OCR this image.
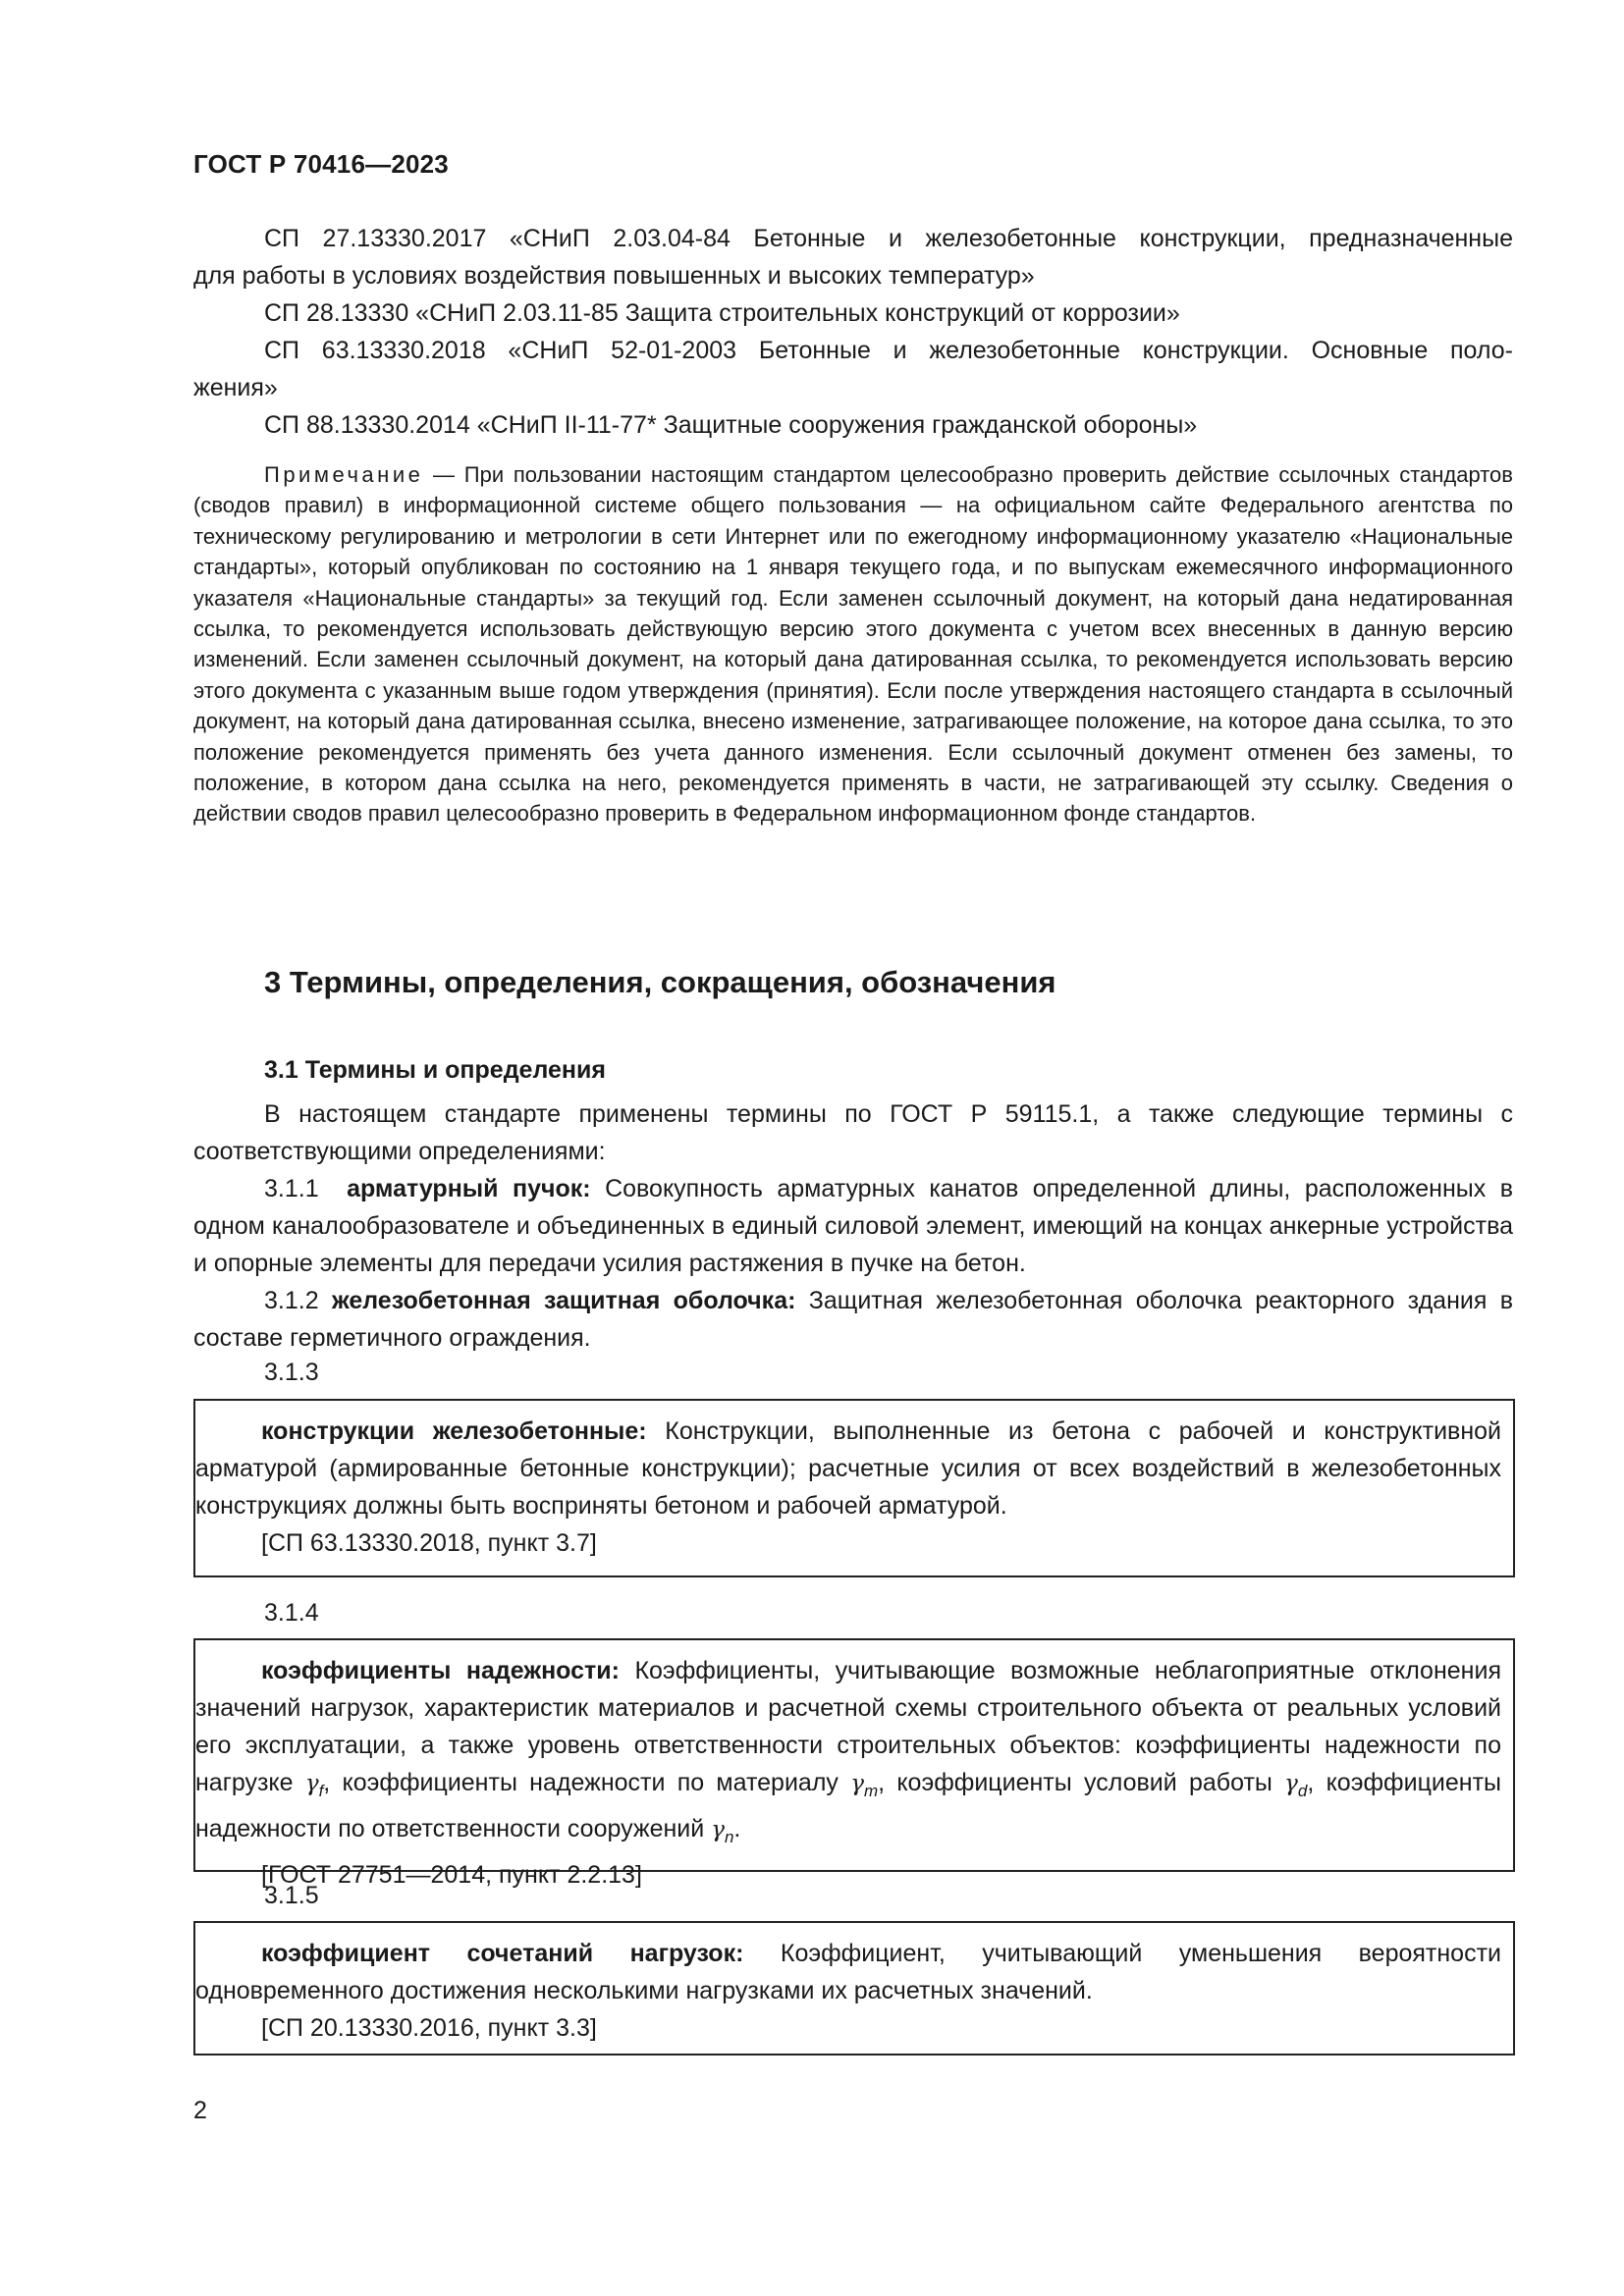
ГОСТ Р 70416—2023

СП 27.13330.2017 «СНиП 2.03.04-84 Бетонные и железобетонные конструкции, предназначенные

для работы в условиях воздействия повышенных и высоких температур»

СП 28.13330 «СНиП 2.03.11-85 Защита строительных конструкций от коррозии»

СП 63.13330.2018 «СНиП 52-01-2003 Бетонные и железобетонные конструкции. Основные поло-

жения»

СП 88.13330.2014 «СНиП II-11-77* Защитные сооружения гражданской обороны»

Примечание — При пользовании настоящим стандартом целесообразно проверить действие ссылочных стандартов (сводов правил) в информационной системе общего пользования — на официальном сайте Федерального агентства по техническому регулированию и метрологии в сети Интернет или по ежегодному информационному указателю «Национальные стандарты», который опубликован по состоянию на 1 января текущего года, и по выпускам ежемесячного информационного указателя «Национальные стандарты» за текущий год. Если заменен ссылочный документ, на который дана недатированная ссылка, то рекомендуется использовать действующую версию этого документа с учетом всех внесенных в данную версию изменений. Если заменен ссылочный документ, на который дана датированная ссылка, то рекомендуется использовать версию этого документа с указанным выше годом утверждения (принятия). Если после утверждения настоящего стандарта в ссылочный документ, на который дана датированная ссылка, внесено изменение, затрагивающее положение, на которое дана ссылка, то это положение рекомендуется применять без учета данного изменения. Если ссылочный документ отменен без замены, то положение, в котором дана ссылка на него, рекомендуется применять в части, не затрагивающей эту ссылку. Сведения о действии сводов правил целесообразно проверить в Федеральном информационном фонде стандартов.

3 Термины, определения, сокращения, обозначения
3.1 Термины и определения

В настоящем стандарте применены термины по ГОСТ Р 59115.1, а также следующие термины с соответствующими определениями:

3.1.1 арматурный пучок: Совокупность арматурных канатов определенной длины, расположенных в одном каналообразователе и объединенных в единый силовой элемент, имеющий на концах анкерные устройства и опорные элементы для передачи усилия растяжения в пучке на бетон.

3.1.2 железобетонная защитная оболочка: Защитная железобетонная оболочка реакторного здания в составе герметичного ограждения.

3.1.3

конструкции железобетонные: Конструкции, выполненные из бетона с рабочей и конструктивной арматурой (армированные бетонные конструкции); расчетные усилия от всех воздействий в железобетонных конструкциях должны быть восприняты бетоном и рабочей арматурой.

[СП 63.13330.2018, пункт 3.7]

3.1.4

коэффициенты надежности: Коэффициенты, учитывающие возможные неблагоприятные отклонения значений нагрузок, характеристик материалов и расчетной схемы строительного объекта от реальных условий его эксплуатации, а также уровень ответственности строительных объектов: коэффициенты надежности по нагрузке $\gamma_f$, коэффициенты надежности по материалу $\gamma_m$, коэффициенты условий работы $\gamma_d$, коэффициенты надежности по ответственности сооружений $\gamma_n$.

[ГОСТ 27751—2014, пункт 2.2.13]

3.1.5

коэффициент сочетаний нагрузок: Коэффициент, учитывающий уменьшения вероятности одновременного достижения несколькими нагрузками их расчетных значений.

[СП 20.13330.2016, пункт 3.3]

2
